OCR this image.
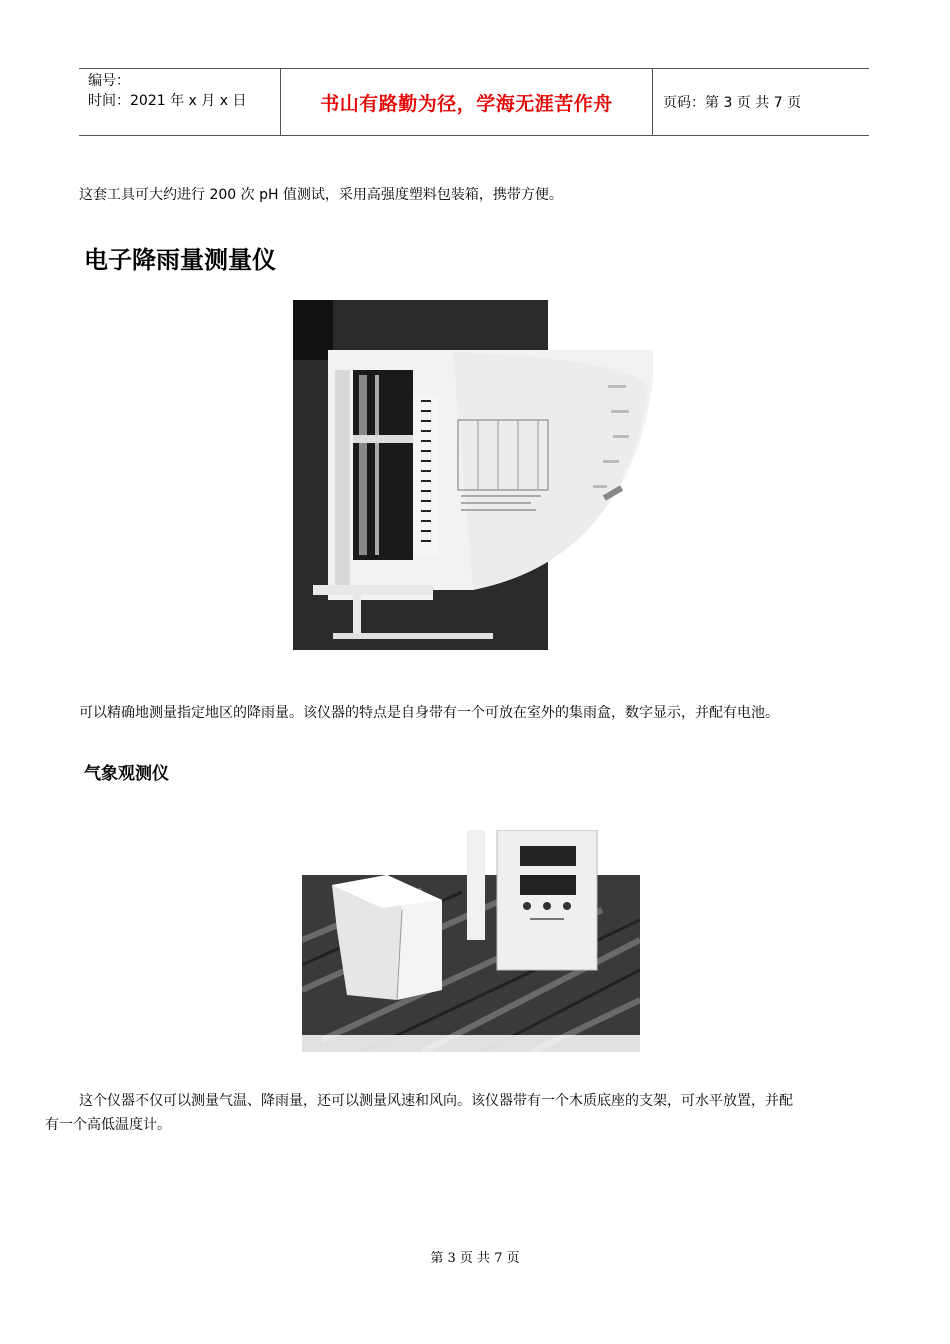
编号：
时间：2021 年 x 月 x 日	书山有路勤为径，学海无涯苦作舟	页码：第 3 页 共 7 页
这套工具可大约进行 200 次 pH 值测试，采用高强度塑料包装箱，携带方便。
电子降雨量测量仪
可以精确地测量指定地区的降雨量。该仪器的特点是自身带有一个可放在室外的集雨盒，数字显示，并配有电池。
气象观测仪
这个仪器不仅可以测量气温、降雨量，还可以测量风速和风向。该仪器带有一个木质底座的支架，可水平放置，并配
有一个高低温度计。
第 3 页 共 7 页
